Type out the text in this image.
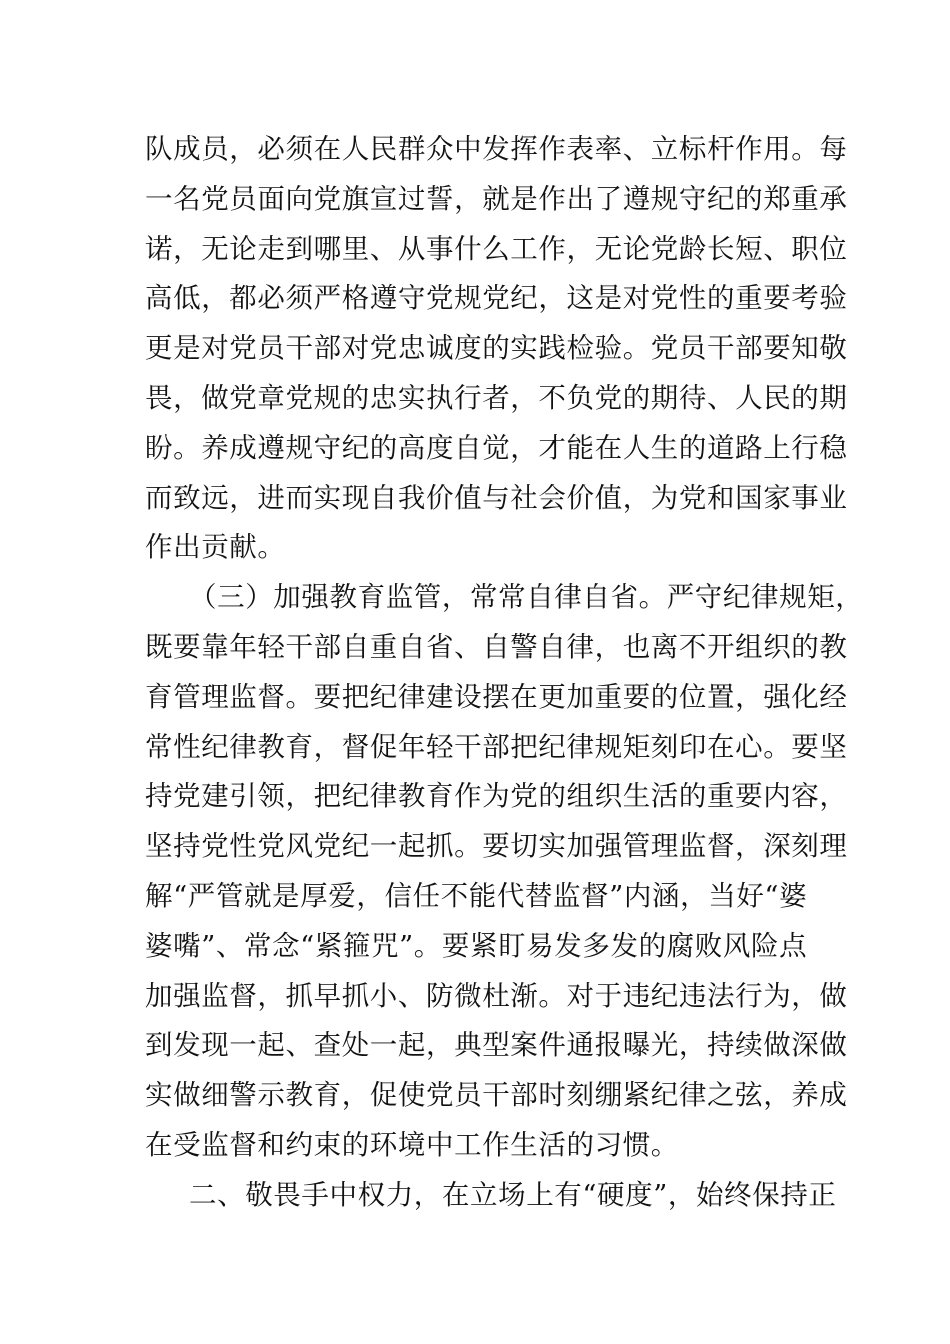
队成员，必须在人民群众中发挥作表率、立标杆作用。每
一名党员面向党旗宣过誓，就是作出了遵规守纪的郑重承
诺，无论走到哪里、从事什么工作，无论党龄长短、职位
高低，都必须严格遵守党规党纪，这是对党性的重要考验
更是对党员干部对党忠诚度的实践检验。党员干部要知敬
畏，做党章党规的忠实执行者，不负党的期待、人民的期
盼。养成遵规守纪的高度自觉，才能在人生的道路上行稳
而致远，进而实现自我价值与社会价值，为党和国家事业
作出贡献。
（三）加强教育监管，常常自律自省。严守纪律规矩，
既要靠年轻干部自重自省、自警自律，也离不开组织的教
育管理监督。要把纪律建设摆在更加重要的位置，强化经
常性纪律教育，督促年轻干部把纪律规矩刻印在心。要坚
持党建引领，把纪律教育作为党的组织生活的重要内容，
坚持党性党风党纪一起抓。要切实加强管理监督，深刻理
解“严管就是厚爱，信任不能代替监督”内涵，当好“婆
婆嘴”、常念“紧箍咒”。要紧盯易发多发的腐败风险点
加强监督，抓早抓小、防微杜渐。对于违纪违法行为，做
到发现一起、查处一起，典型案件通报曝光，持续做深做
实做细警示教育，促使党员干部时刻绷紧纪律之弦，养成
在受监督和约束的环境中工作生活的习惯。
二、敬畏手中权力，在立场上有“硬度”，始终保持正
